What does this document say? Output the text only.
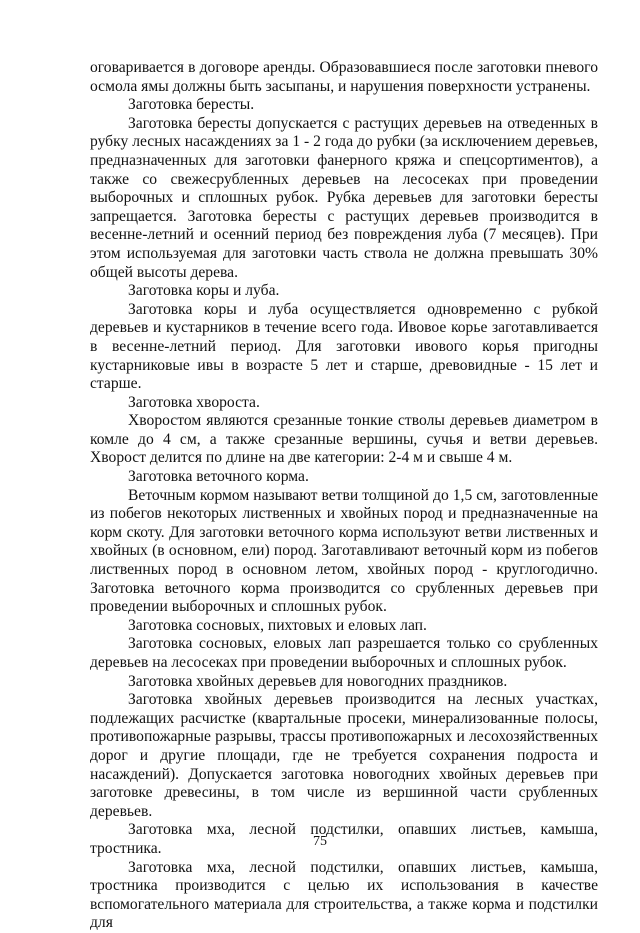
оговаривается в договоре аренды. Образовавшиеся после заготовки пневого осмола ямы должны быть засыпаны, и нарушения поверхности устранены.

Заготовка бересты.

Заготовка бересты допускается с растущих деревьев на отведенных в рубку лесных насаждениях за 1 - 2 года до рубки (за исключением деревьев, предназначенных для заготовки фанерного кряжа и спецсортиментов), а также со свежесрубленных деревьев на лесосеках при проведении выборочных и сплошных рубок. Рубка деревьев для заготовки бересты запрещается. Заготовка бересты с растущих деревьев производится в весенне-летний и осенний период без повреждения луба (7 месяцев). При этом используемая для заготовки часть ствола не должна превышать 30% общей высоты дерева.

Заготовка коры и луба.

Заготовка коры и луба осуществляется одновременно с рубкой деревьев и кустарников в течение всего года. Ивовое корье заготавливается в весенне-летний период. Для заготовки ивового корья пригодны кустарниковые ивы в возрасте 5 лет и старше, древовидные - 15 лет и старше.

Заготовка хвороста.

Хворостом являются срезанные тонкие стволы деревьев диаметром в комле до 4 см, а также срезанные вершины, сучья и ветви деревьев. Хворост делится по длине на две категории: 2-4 м и свыше 4 м.

Заготовка веточного корма.

Веточным кормом называют ветви толщиной до 1,5 см, заготовленные из побегов некоторых лиственных и хвойных пород и предназначенные на корм скоту. Для заготовки веточного корма используют ветви лиственных и хвойных (в основном, ели) пород. Заготавливают веточный корм из побегов лиственных пород в основном летом, хвойных пород - круглогодично. Заготовка веточного корма производится со срубленных деревьев при проведении выборочных и сплошных рубок.

Заготовка сосновых, пихтовых и еловых лап.

Заготовка сосновых, еловых лап разрешается только со срубленных деревьев на лесосеках при проведении выборочных и сплошных рубок.

Заготовка хвойных деревьев для новогодних праздников.

Заготовка хвойных деревьев производится на лесных участках, подлежащих расчистке (квартальные просеки, минерализованные полосы, противопожарные разрывы, трассы противопожарных и лесохозяйственных дорог и другие площади, где не требуется сохранения подроста и насаждений). Допускается заготовка новогодних хвойных деревьев при заготовке древесины, в том числе из вершинной части срубленных деревьев.

Заготовка мха, лесной подстилки, опавших листьев, камыша, тростника.

Заготовка мха, лесной подстилки, опавших листьев, камыша, тростника производится с целью их использования в качестве вспомогательного материала для строительства, а также корма и подстилки для

75
